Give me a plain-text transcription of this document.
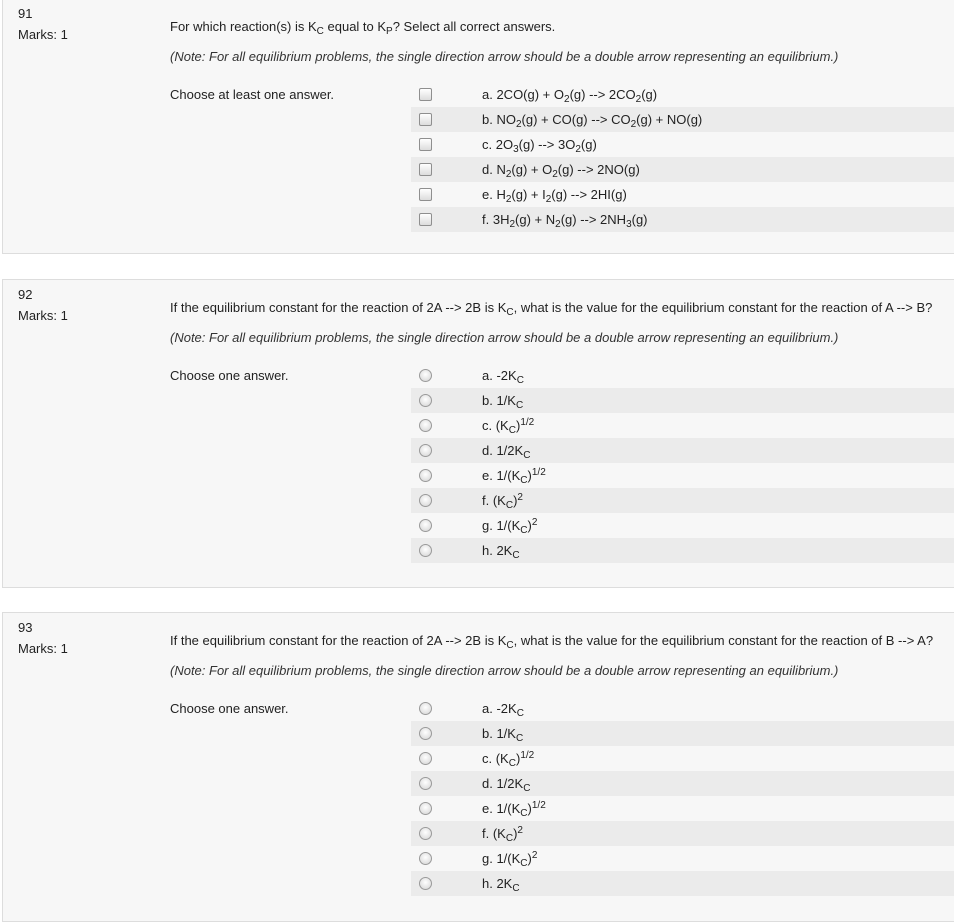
91
Marks: 1
For which reaction(s) is $K_C$ equal to $K_P$? Select all correct answers.
(Note: For all equilibrium problems, the single direction arrow should be a double arrow representing an equilibrium.)
Choose at least one answer.	a. $2CO(g) + O_2(g)$ --> $2CO_2(g)$
b. $NO_2(g) + CO(g)$ --> $CO_2(g) + NO(g)$
c. $2O_3(g)$ --> $3O_2(g)$
d. $N_2(g) + O_2(g)$ --> 2NO(g)
e. $H_2(g) + I_2(g)$ --> 2HI(g)
f. $3H_2(g) + N_2(g)$ --> $2NH_3(g)$
92
Marks: 1
If the equilibrium constant for the reaction of 2A --> 2B is $K_C$, what is the value for the equilibrium constant for the reaction of A --> B?
(Note: For all equilibrium problems, the single direction arrow should be a double arrow representing an equilibrium.)
Choose one answer.	a. $-2K_C$
b. $1/K_C$
c. $(K_C)^{1/2}$
d. $1/2K_C$
e. $1/(K_C)^{1/2}$
f. $(K_C)^2$
g. $1/(K_C)^2$
h. $2K_C$
93
Marks: 1
If the equilibrium constant for the reaction of 2A --> 2B is $K_C$, what is the value for the equilibrium constant for the reaction of B --> A?
(Note: For all equilibrium problems, the single direction arrow should be a double arrow representing an equilibrium.)
Choose one answer.	a. $-2K_C$
b. $1/K_C$
c. $(K_C)^{1/2}$
d. $1/2K_C$
e. $1/(K_C)^{1/2}$
f. $(K_C)^2$
g. $1/(K_C)^2$
h. $2K_C$
